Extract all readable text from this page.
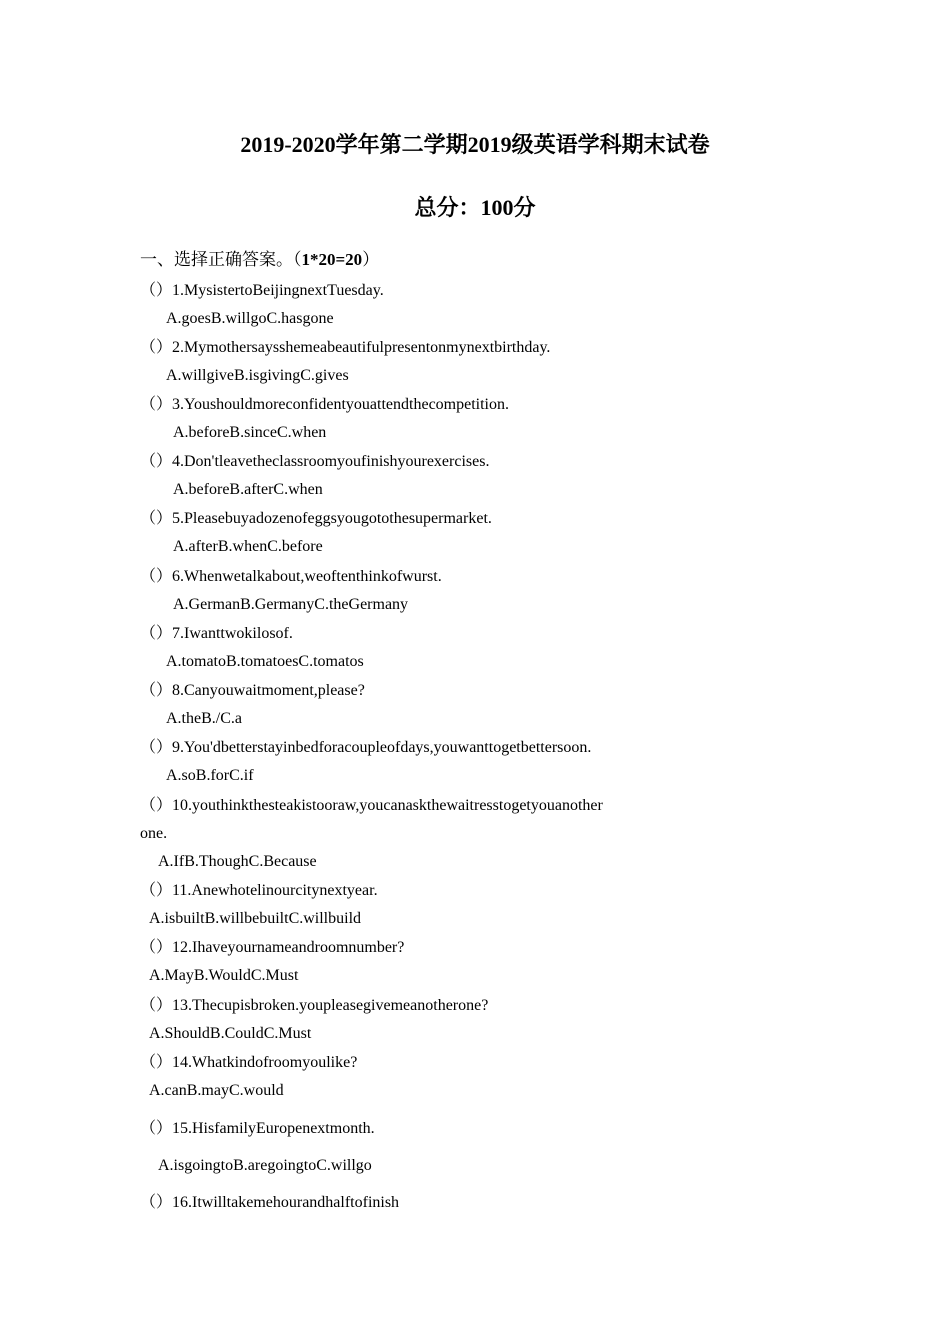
2019-2020学年第二学期2019级英语学科期末试卷
总分：100分
一、选择正确答案。（1*20=20）
（）1.MysistertoBeijingnextTuesday.
A.goesB.willgoC.hasgone
（）2.Mymothersaysshemeabeautifulpresentonmynextbirthday.
A.willgiveB.isgivingC.gives
（）3.Youshouldmoreconfidentyouattendthecompetition.
A.beforeB.sinceC.when
（）4.Don'tleavetheclassroomyoufinishyourexercises.
A.beforeB.afterC.when
（）5.Pleasebuyadozenofeggsyougotothesupermarket.
A.afterB.whenC.before
（）6.Whenwetalkabout,weoftenthinkofwurst.
A.GermanB.GermanyC.theGermany
（）7.Iwanttwokilosof.
A.tomatoB.tomatoesC.tomatos
（）8.Canyouwaitmoment,please?
A.theB./C.a
（）9.You'dbetterstayinbedforacoupleofdays,youwanttogetbettersoon.
A.soB.forC.if
（）10.youthinkthesteakistooraw,youcanaskthewaitresstogetyouanother
one.
A.IfB.ThoughC.Because
（）11.Anewhotelinourcitynextyear.
A.isbuiltB.willbebuiltC.willbuild
（）12.Ihaveyournameandroomnumber?
A.MayB.WouldC.Must
（）13.Thecupisbroken.youpleasegivemeanotherone?
A.ShouldB.CouldC.Must
（）14.Whatkindofroomyoulike?
A.canB.mayC.would
（）15.HisfamilyEuropenextmonth.
A.isgoingtoB.aregoingtoC.willgo
（）16.Itwilltakemehourandhalftofinish
